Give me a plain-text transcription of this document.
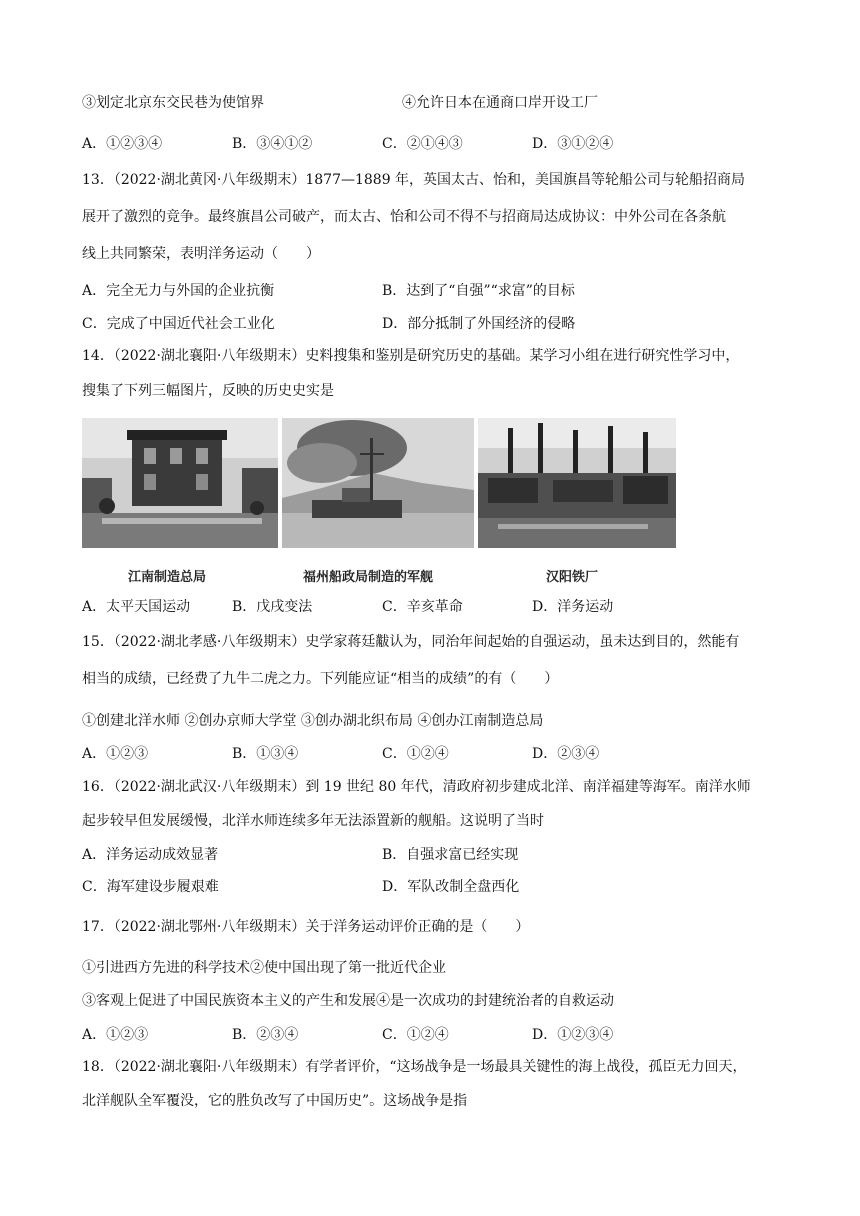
③划定北京东交民巷为使馆界	④允许日本在通商口岸开设工厂
A．①②③④	B．③④①②	C．②①④③	D．③①②④
13．（2022·湖北黄冈·八年级期末）1877—1889 年，英国太古、怡和，美国旗昌等轮船公司与轮船招商局
展开了激烈的竞争。最终旗昌公司破产，而太古、怡和公司不得不与招商局达成协议：中外公司在各条航
线上共同繁荣，表明洋务运动（　　）
A．完全无力与外国的企业抗衡	B．达到了“自强”“求富”的目标
C．完成了中国近代社会工业化	D．部分抵制了外国经济的侵略
14．（2022·湖北襄阳·八年级期末）史料搜集和鉴别是研究历史的基础。某学习小组在进行研究性学习中，
搜集了下列三幅图片，反映的历史史实是
江南制造总局	福州船政局制造的军舰	汉阳铁厂
A．太平天国运动	B．戊戌变法	C．辛亥革命	D．洋务运动
15．（2022·湖北孝感·八年级期末）史学家蒋廷黻认为，同治年间起始的自强运动，虽未达到目的，然能有
相当的成绩，已经费了九牛二虎之力。下列能应证“相当的成绩”的有（　　）
①创建北洋水师 ②创办京师大学堂 ③创办湖北织布局 ④创办江南制造总局
A．①②③	B．①③④	C．①②④	D．②③④
16．（2022·湖北武汉·八年级期末）到 19 世纪 80 年代，清政府初步建成北洋、南洋福建等海军。南洋水师
起步较早但发展缓慢，北洋水师连续多年无法添置新的舰船。这说明了当时
A．洋务运动成效显著	B．自强求富已经实现
C．海军建设步履艰难	D．军队改制全盘西化
17．（2022·湖北鄂州·八年级期末）关于洋务运动评价正确的是（　　）
①引进西方先进的科学技术②使中国出现了第一批近代企业
③客观上促进了中国民族资本主义的产生和发展④是一次成功的封建统治者的自救运动
A．①②③	B．②③④	C．①②④	D．①②③④
18．（2022·湖北襄阳·八年级期末）有学者评价，“这场战争是一场最具关键性的海上战役，孤臣无力回天，
北洋舰队全军覆没，它的胜负改写了中国历史”。这场战争是指
